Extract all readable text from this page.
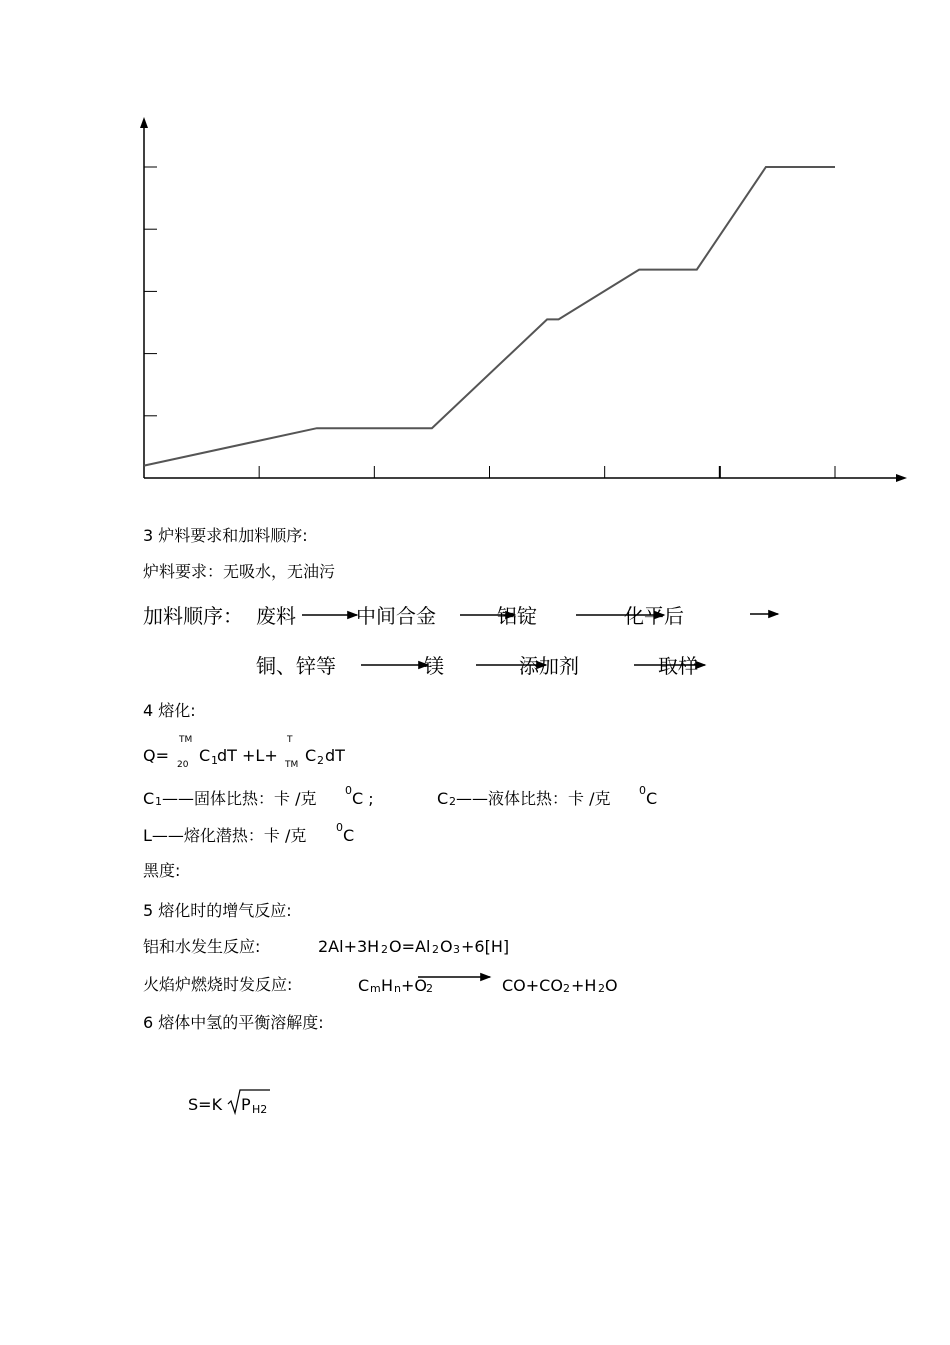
3 炉料要求和加料顺序:
炉料要求：无吸水，无油污
加料顺序： 废料	中间合金	铝锭	化平后
铜、锌等	镁	添加剂	取样
4 熔化:
Q=
TM
20 C 1 dT +L+
T
TM C 2 dT
C 1 ——固体比热：卡 /克	0 C ;	C 2 ——液体比热：卡 /克	0 C
L——熔化潜热：卡 /克	0 C
黑度:
5 熔化时的增气反应:
铝和水发生反应:	2Al+3H 2 O=Al 2 O 3 +6[H]
火焰炉燃烧时发反应:	C m H n +O 2	CO+CO 2 +H 2 O
6 熔体中氢的平衡溶解度:
S=K P H2
